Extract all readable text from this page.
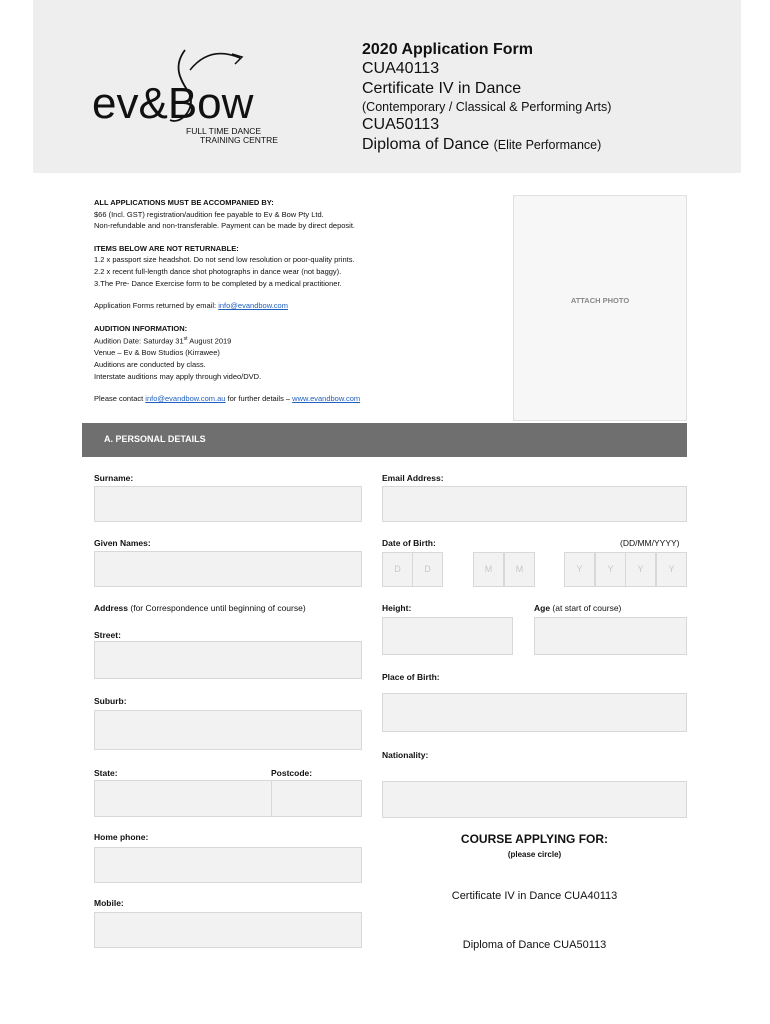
ev&Bow
FULL TIME DANCE
TRAINING CENTRE
2020 Application Form
CUA40113
Certificate IV in Dance
(Contemporary / Classical & Performing Arts)
CUA50113
Diploma of Dance (Elite Performance)

ALL APPLICATIONS MUST BE ACCOMPANIED BY:

$66 (Incl. GST) registration/audition fee payable to Ev & Bow Pty Ltd.

Non-refundable and non-transferable. Payment can be made by direct deposit.

ITEMS BELOW ARE NOT RETURNABLE:

1.2 x passport size headshot. Do not send low resolution or poor-quality prints.

2.2 x recent full-length dance shot photographs in dance wear (not baggy).

3.The Pre- Dance Exercise form to be completed by a medical practitioner.

Application Forms returned by email: info@evandbow.com

AUDITION INFORMATION:

Audition Date: Saturday 31st August 2019

Venue – Ev & Bow Studios (Kirrawee)

Auditions are conducted by class.

Interstate auditions may apply through video/DVD.

Please contact info@evandbow.com.au for further details – www.evandbow.com

ATTACH PHOTO
A. PERSONAL DETAILS
Surname:
Given Names:
Address (for Correspondence until beginning of course)
Street:
Suburb:
State:	Postcode:
Home phone:
Mobile:
Email Address:
Date of Birth:	(DD/MM/YYYY)
D	D	M	M	Y	Y	Y	Y
Height:	Age (at start of course)
Place of Birth:
Nationality:
COURSE APPLYING FOR:
(please circle)
Certificate IV in Dance CUA40113
Diploma of Dance CUA50113
